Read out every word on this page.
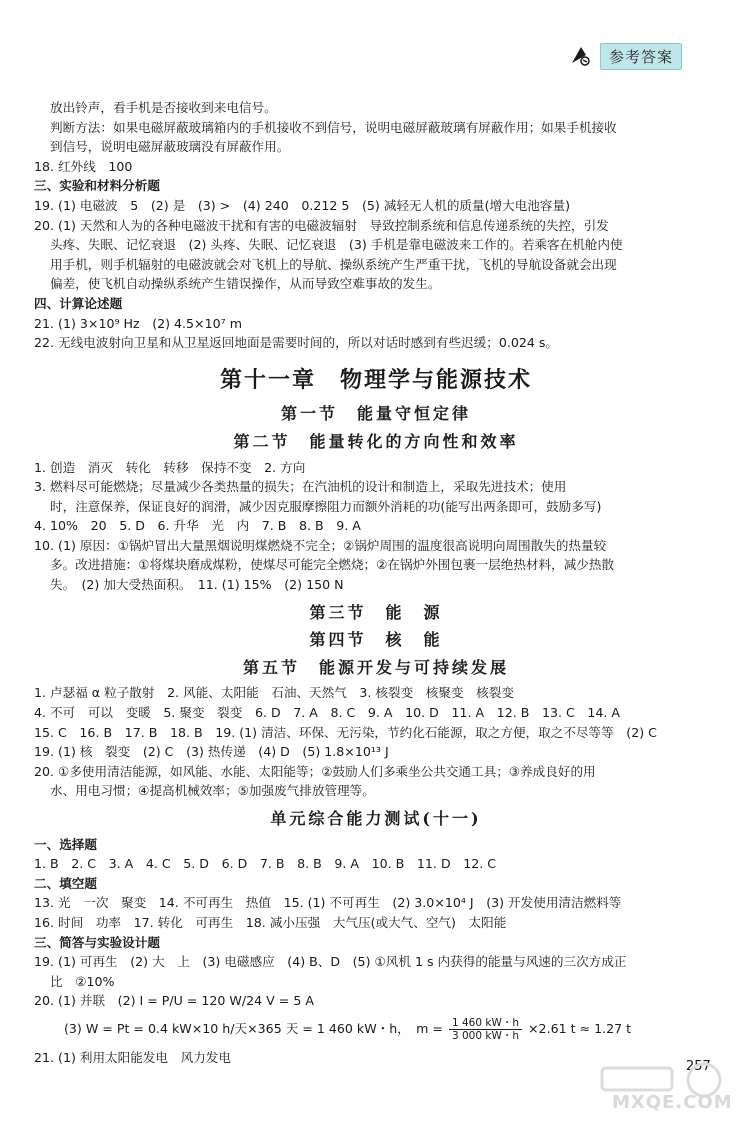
参考答案
放出铃声，看手机是否接收到来电信号。
判断方法：如果电磁屏蔽玻璃箱内的手机接收不到信号，说明电磁屏蔽玻璃有屏蔽作用；如果手机接收
到信号，说明电磁屏蔽玻璃没有屏蔽作用。
18. 红外线　100
三、实验和材料分析题
19. (1) 电磁波　5　(2) 是　(3) >　(4) 240　0.212 5　(5) 减轻无人机的质量(增大电池容量)
20. (1) 天然和人为的各种电磁波干扰和有害的电磁波辐射　导致控制系统和信息传递系统的失控，引发
头疼、失眠、记忆衰退　(2) 头疼、失眠、记忆衰退　(3) 手机是靠电磁波来工作的。若乘客在机舱内使
用手机，则手机辐射的电磁波就会对飞机上的导航、操纵系统产生严重干扰，飞机的导航设备就会出现
偏差，使飞机自动操纵系统产生错误操作，从而导致空难事故的发生。
四、计算论述题
21. (1) 3×10⁹ Hz　(2) 4.5×10⁷ m
22. 无线电波射向卫星和从卫星返回地面是需要时间的，所以对话时感到有些迟缓；0.024 s。
第十一章　物理学与能源技术
第一节　能量守恒定律
第二节　能量转化的方向性和效率
1. 创造　消灭　转化　转移　保持不变　2. 方向
3. 燃料尽可能燃烧；尽量减少各类热量的损失；在汽油机的设计和制造上，采取先进技术；使用
时，注意保养，保证良好的润滑，减少因克服摩擦阻力而额外消耗的功(能写出两条即可，鼓励多写)
4. 10%　20　5. D　6. 升华　光　内　7. B　8. B　9. A
10. (1) 原因：①锅炉冒出大量黑烟说明煤燃烧不完全；②锅炉周围的温度很高说明向周围散失的热量较
多。改进措施：①将煤块磨成煤粉，使煤尽可能完全燃烧；②在锅炉外围包裹一层绝热材料，减少热散
失。　(2) 加大受热面积。　11. (1) 15%　(2) 150 N
第三节　能　源
第四节　核　能
第五节　能源开发与可持续发展
1. 卢瑟福 α 粒子散射　2. 风能、太阳能　石油、天然气　3. 核裂变　核聚变　核裂变
4. 不可　可以　变暖　5. 聚变　裂变　6. D　7. A　8. C　9. A　10. D　11. A　12. B　13. C　14. A
15. C　16. B　17. B　18. B　19. (1) 清洁、环保、无污染，节约化石能源，取之方便，取之不尽等等　(2) C
19. (1) 核　裂变　(2) C　(3) 热传递　(4) D　(5) 1.8×10¹³ J
20. ①多使用清洁能源，如风能、水能、太阳能等；②鼓励人们多乘坐公共交通工具；③养成良好的用
水、用电习惯；④提高机械效率；⑤加强废气排放管理等。
单元综合能力测试(十一)
一、选择题
1. B　2. C　3. A　4. C　5. D　6. D　7. B　8. B　9. A　10. B　11. D　12. C
二、填空题
13. 光　一次　聚变　14. 不可再生　热值　15. (1) 不可再生　(2) 3.0×10⁴ J　(3) 开发使用清洁燃料等
16. 时间　功率　17. 转化　可再生　18. 减小压强　大气压(或大气、空气)　太阳能
三、简答与实验设计题
19. (1) 可再生　(2) 大　上　(3) 电磁感应　(4) B、D　(5) ①风机 1 s 内获得的能量与风速的三次方成正
比　②10%
20. (1) 并联　(2) I = P/U = 120 W/24 V = 5 A
(3) W = Pt = 0.4 kW×10 h/天×365 天 = 1 460 kW・h，　$m = \frac{1 460 kW・h}{3 000 kW・h} \times 2.61$ t ≈ 1.27 t
21. (1) 利用太阳能发电　风力发电
257
MXQE.COM
